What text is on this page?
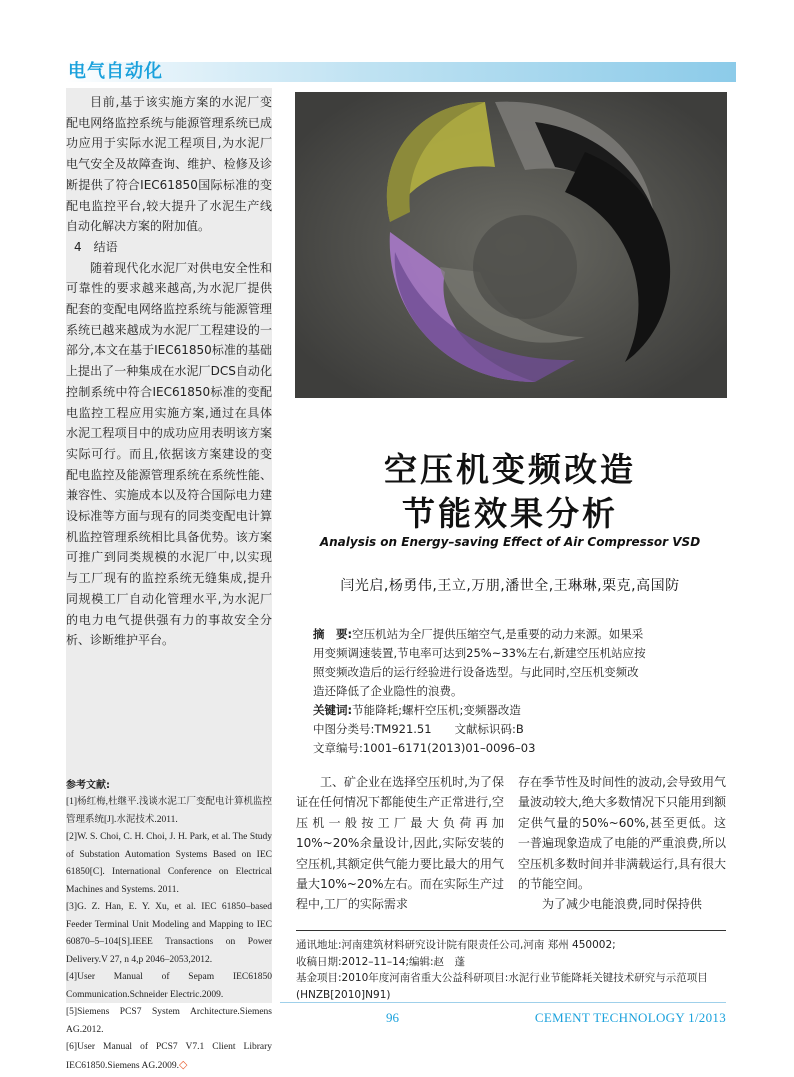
电气自动化

目前,基于该实施方案的水泥厂变配电网络监控系统与能源管理系统已成功应用于实际水泥工程项目,为水泥厂电气安全及故障查询、维护、检修及诊断提供了符合IEC61850国际标准的变配电监控平台,较大提升了水泥生产线自动化解决方案的附加值。

4　结语

随着现代化水泥厂对供电安全性和可靠性的要求越来越高,为水泥厂提供配套的变配电网络监控系统与能源管理系统已越来越成为水泥厂工程建设的一部分,本文在基于IEC61850标准的基础上提出了一种集成在水泥厂DCS自动化控制系统中符合IEC61850标准的变配电监控工程应用实施方案,通过在具体水泥工程项目中的成功应用表明该方案实际可行。而且,依据该方案建设的变配电监控及能源管理系统在系统性能、兼容性、实施成本以及符合国际电力建设标准等方面与现有的同类变配电计算机监控管理系统相比具备优势。该方案可推广到同类规模的水泥厂中,以实现与工厂现有的监控系统无缝集成,提升同规模工厂自动化管理水平,为水泥厂的电力电气提供强有力的事故安全分析、诊断维护平台。

参考文献:
[1]杨红梅,杜继平.浅谈水泥工厂变配电计算机监控管理系统[J].水泥技术.2011.
[2]W. S. Choi, C. H. Choi, J. H. Park, et al. The Study of Substation Automation Systems Based on IEC 61850[C]. International Conference on Electrical Machines and Systems. 2011.
[3]G. Z. Han, E. Y. Xu, et al. IEC 61850–based Feeder Terminal Unit Modeling and Mapping to IEC 60870–5–104[S].IEEE Transactions on Power Delivery.V 27, n 4,p 2046–2053,2012.
[4]User Manual of Sepam IEC61850 Communication.Schneider Electric.2009.
[5]Siemens PCS7 System Architecture.Siemens AG.2012.
[6]User Manual of PCS7 V7.1 Client Library IEC61850.Siemens AG.2009.◇
空压机变频改造
节能效果分析
Analysis on Energy–saving Effect of Air Compressor VSD
闫光启,杨勇伟,王立,万朋,潘世全,王琳琳,栗克,高国防
摘　要:空压机站为全厂提供压缩空气,是重要的动力来源。如果采
用变频调速装置,节电率可达到25%~33%左右,新建空压机站应按
照变频改造后的运行经验进行设备选型。与此同时,空压机变频改
造还降低了企业隐性的浪费。
关键词:节能降耗;螺杆空压机;变频器改造
中图分类号:TM921.51　　文献标识码:B
文章编号:1001–6171(2013)01–0096–03

工、矿企业在选择空压机时,为了保证在任何情况下都能使生产正常进行,空压机一般按工厂最大负荷再加10%~20%余量设计,因此,实际安装的空压机,其额定供气能力要比最大的用气量大10%~20%左右。而在实际生产过程中,工厂的实际需求

存在季节性及时间性的波动,会导致用气量波动较大,绝大多数情况下只能用到额定供气量的50%~60%,甚至更低。这一普遍现象造成了电能的严重浪费,所以空压机多数时间并非满载运行,具有很大的节能空间。

为了减少电能浪费,同时保持供

通讯地址:河南建筑材料研究设计院有限责任公司,河南 郑州 450002;
收稿日期:2012–11–14;编辑:赵　蓬
基金项目:2010年度河南省重大公益科研项目:水泥行业节能降耗关键技术研究与示范项目
(HNZB[2010]N91)
96	CEMENT TECHNOLOGY 1/2013
